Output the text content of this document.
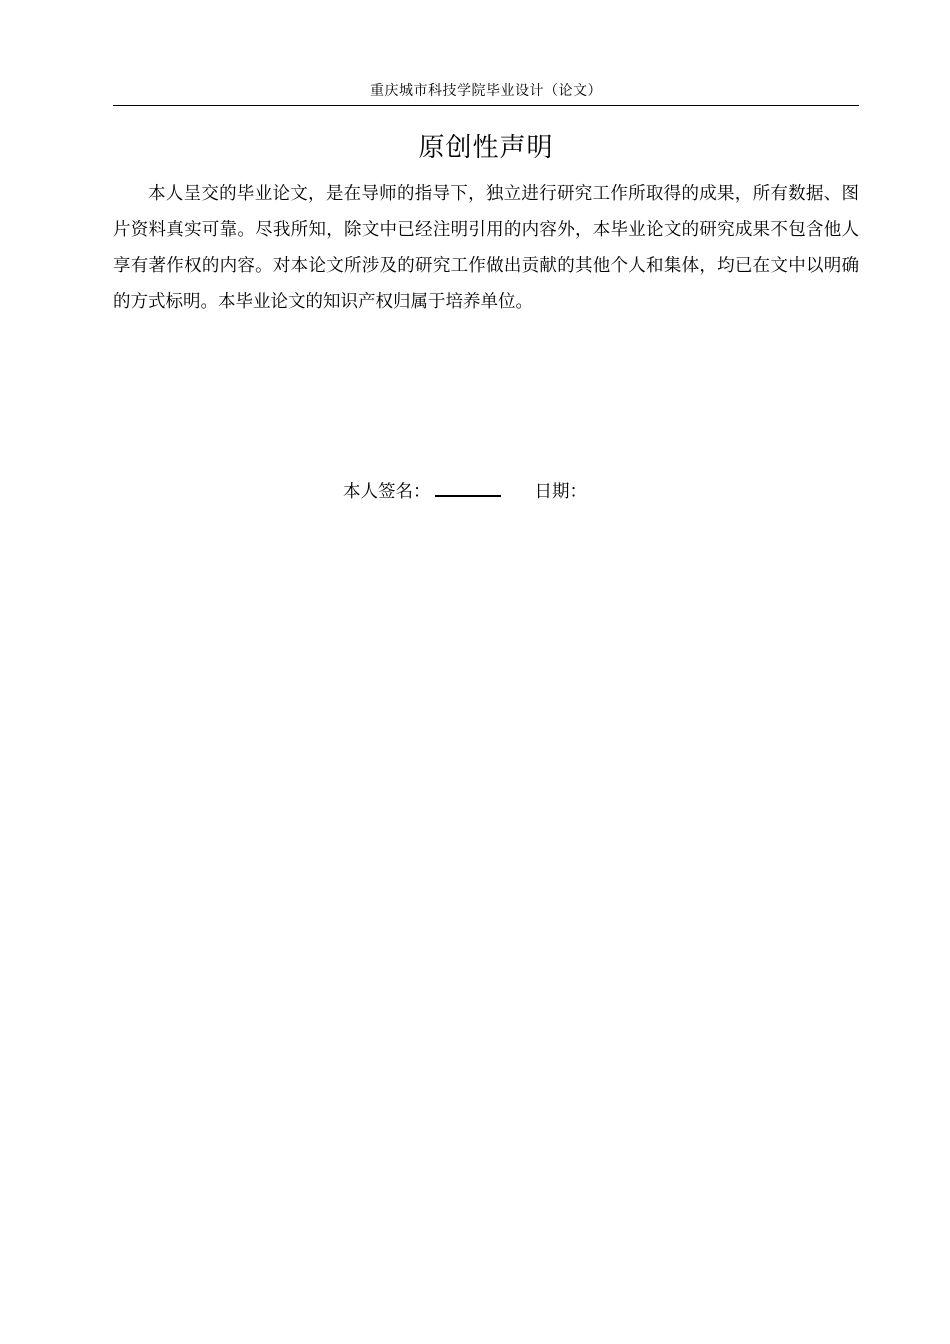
重庆城市科技学院毕业设计（论文）
原创性声明

本人呈交的毕业论文，是在导师的指导下，独立进行研究工作所取得的成果，所有数据、图片资料真实可靠。尽我所知，除文中已经注明引用的内容外，本毕业论文的研究成果不包含他人享有著作权的内容。对本论文所涉及的研究工作做出贡献的其他个人和集体，均已在文中以明确的方式标明。本毕业论文的知识产权归属于培养单位。

本人签名：	日期：
